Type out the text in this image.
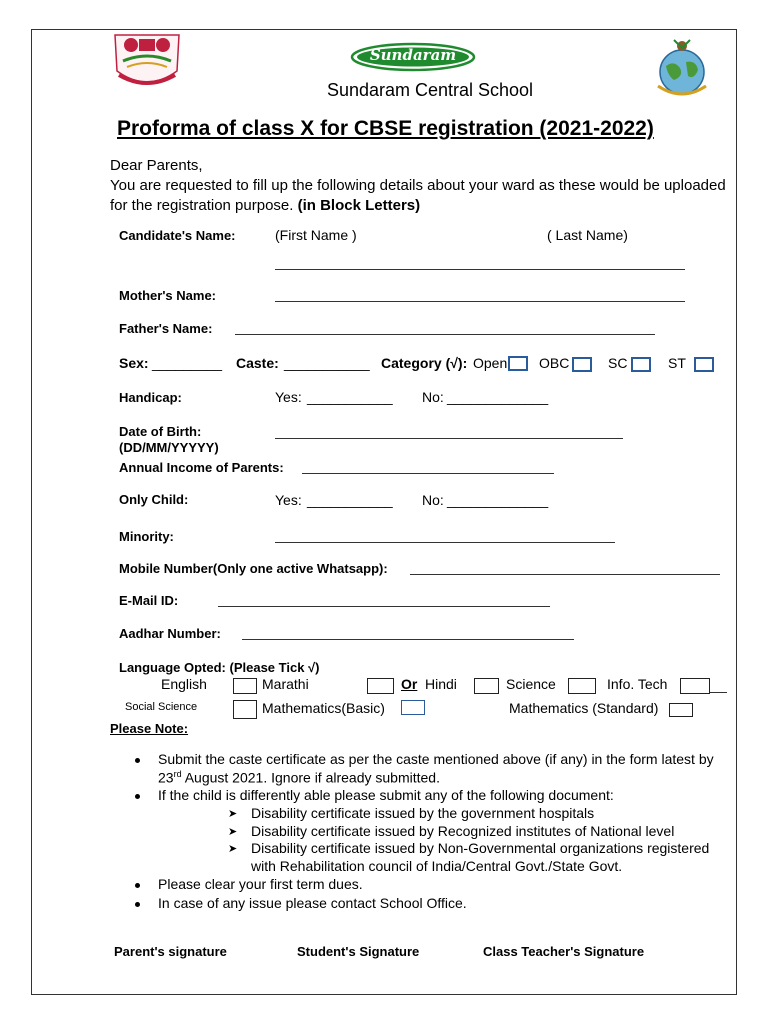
Sundaram
Sundaram Central School
Proforma of class X for CBSE registration (2021-2022)
Dear Parents,
You are requested to fill up the following details about your ward as these would be uploaded
for the registration purpose. (in Block Letters)
Candidate's Name:	(First Name )	( Last Name)
Mother's Name:
Father's Name:
Sex: _________ Caste: ___________ Category (√): Open OBC	SC	ST
Handicap:	Yes: ___________ No: _____________
Date of Birth:
(DD/MM/YYYYY)
Annual Income of Parents:
Only Child:	Yes: ___________ No: _____________
Minority:
Mobile Number(Only one active Whatsapp):
E-Mail ID:
Aadhar Number:
Language Opted: (Please Tick √)
English	Marathi	Or Hindi	Science	Info. Tech
Social Science	Mathematics(Basic)	Mathematics (Standard)
Please Note:
Submit the caste certificate as per the caste mentioned above (if any) in the form latest by
23rd August 2021. Ignore if already submitted.
If the child is differently able please submit any of the following document:
➤ Disability certificate issued by the government hospitals
➤ Disability certificate issued by Recognized institutes of National level
➤ Disability certificate issued by Non-Governmental organizations registered
with Rehabilitation council of India/Central Govt./State Govt.
Please clear your first term dues.
In case of any issue please contact School Office.
Parent's signature	Student's Signature	Class Teacher's Signature
